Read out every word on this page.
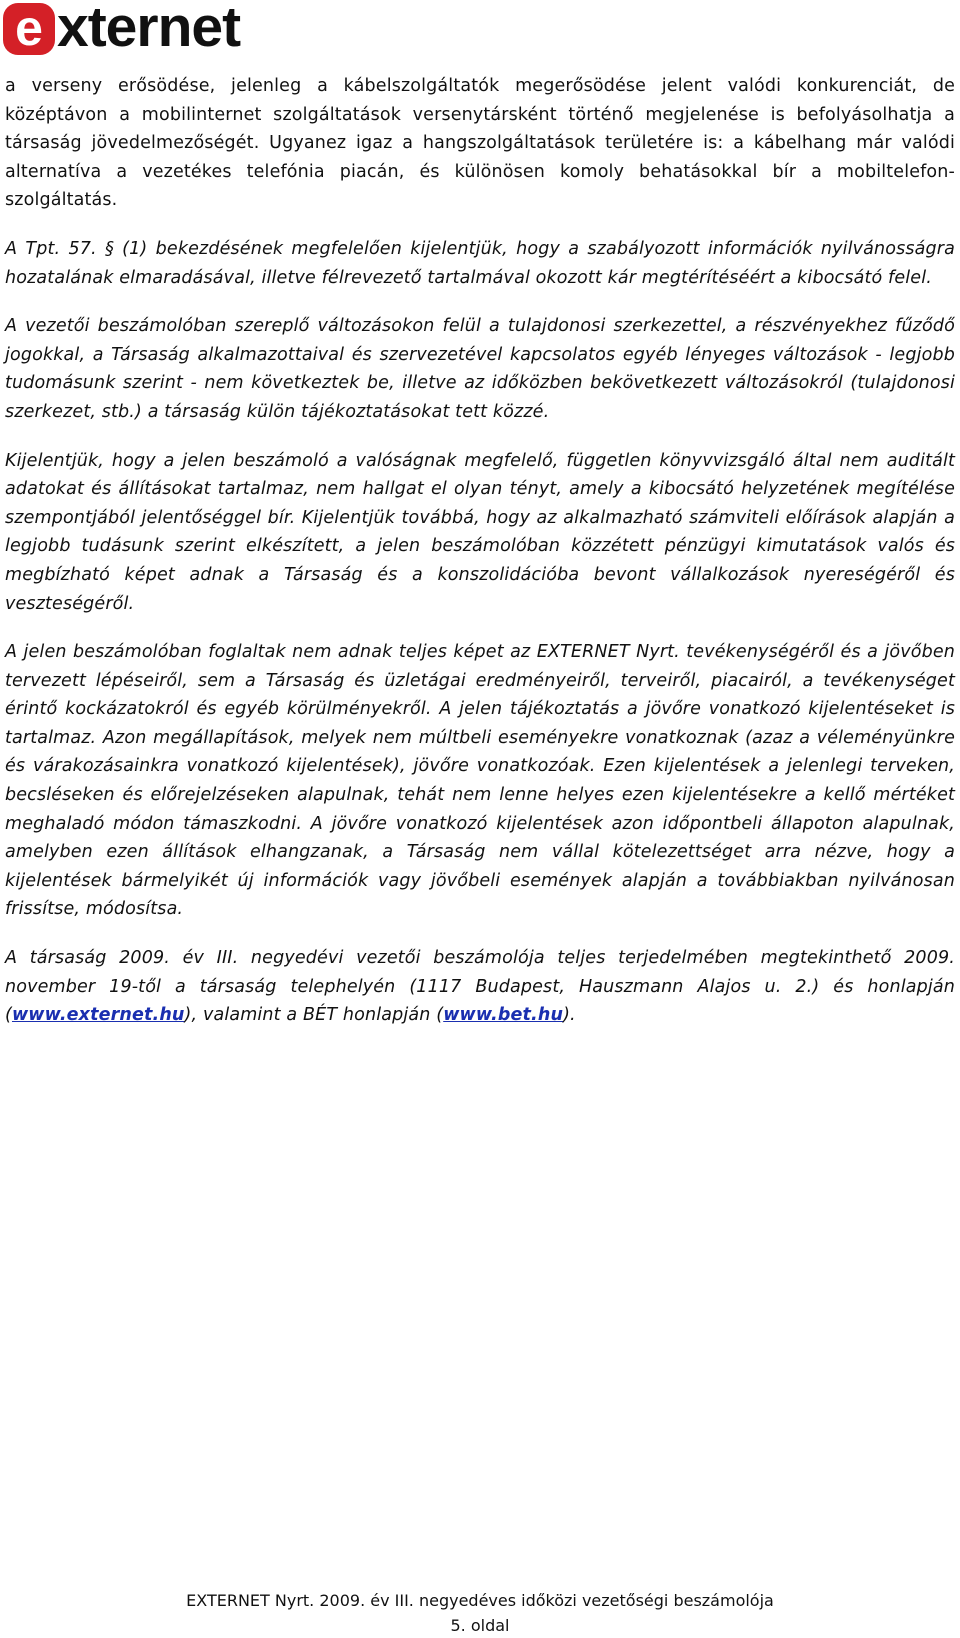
e xternet

a verseny erősödése, jelenleg a kábelszolgáltatók megerősödése jelent valódi konkurenciát, de középtávon a mobilinternet szolgáltatások versenytársként történő megjelenése is befolyásolhatja a társaság jövedelmezőségét. Ugyanez igaz a hangszolgáltatások területére is: a kábelhang már valódi alternatíva a vezetékes telefónia piacán, és különösen komoly behatásokkal bír a mobiltelefon-szolgáltatás.

A Tpt. 57. § (1) bekezdésének megfelelően kijelentjük, hogy a szabályozott információk nyilvánosságra hozatalának elmaradásával, illetve félrevezető tartalmával okozott kár megtérítéséért a kibocsátó felel.

A vezetői beszámolóban szereplő változásokon felül a tulajdonosi szerkezettel, a részvényekhez fűződő jogokkal, a Társaság alkalmazottaival és szervezetével kapcsolatos egyéb lényeges változások - legjobb tudomásunk szerint - nem következtek be, illetve az időközben bekövetkezett változásokról (tulajdonosi szerkezet, stb.) a társaság külön tájékoztatásokat tett közzé.

Kijelentjük, hogy a jelen beszámoló a valóságnak megfelelő, független könyvvizsgáló által nem auditált adatokat és állításokat tartalmaz, nem hallgat el olyan tényt, amely a kibocsátó helyzetének megítélése szempontjából jelentőséggel bír. Kijelentjük továbbá, hogy az alkalmazható számviteli előírások alapján a legjobb tudásunk szerint elkészített, a jelen beszámolóban közzétett pénzügyi kimutatások valós és megbízható képet adnak a Társaság és a konszolidációba bevont vállalkozások nyereségéről és veszteségéről.

A jelen beszámolóban foglaltak nem adnak teljes képet az EXTERNET Nyrt. tevékenységéről és a jövőben tervezett lépéseiről, sem a Társaság és üzletágai eredményeiről, terveiről, piacairól, a tevékenységet érintő kockázatokról és egyéb körülményekről. A jelen tájékoztatás a jövőre vonatkozó kijelentéseket is tartalmaz. Azon megállapítások, melyek nem múltbeli eseményekre vonatkoznak (azaz a véleményünkre és várakozásainkra vonatkozó kijelentések), jövőre vonatkozóak. Ezen kijelentések a jelenlegi terveken, becsléseken és előrejelzéseken alapulnak, tehát nem lenne helyes ezen kijelentésekre a kellő mértéket meghaladó módon támaszkodni. A jövőre vonatkozó kijelentések azon időpontbeli állapoton alapulnak, amelyben ezen állítások elhangzanak, a Társaság nem vállal kötelezettséget arra nézve, hogy a kijelentések bármelyikét új információk vagy jövőbeli események alapján a továbbiakban nyilvánosan frissítse, módosítsa.

A társaság 2009. év III. negyedévi vezetői beszámolója teljes terjedelmében megtekinthető 2009. november 19-től a társaság telephelyén (1117 Budapest, Hauszmann Alajos u. 2.) és honlapján (www.externet.hu), valamint a BÉT honlapján (www.bet.hu).

EXTERNET Nyrt. 2009. év III. negyedéves időközi vezetőségi beszámolója
5. oldal
